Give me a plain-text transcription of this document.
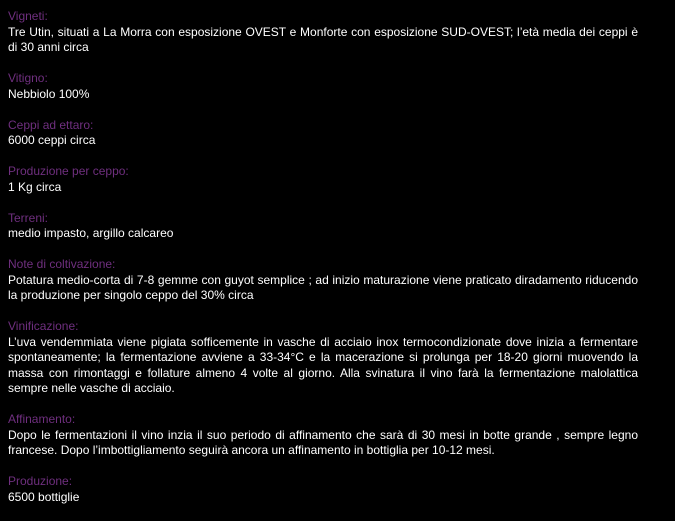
Vigneti:
Tre Utin, situati a La Morra con esposizione OVEST e Monforte con esposizione SUD-OVEST; l’età media dei ceppi è di 30 anni circa
Vitigno:
Nebbiolo 100%
Ceppi ad ettaro:
6000 ceppi circa
Produzione per ceppo:
1 Kg circa
Terreni:
medio impasto, argillo calcareo
Note di coltivazione:
Potatura medio-corta di 7-8 gemme con guyot semplice ; ad inizio maturazione viene praticato diradamento riducendo la produzione per singolo ceppo del 30% circa
Vinificazione:
L’uva vendemmiata viene pigiata sofficemente in vasche di acciaio inox termocondizionate dove inizia a fermentare spontaneamente; la fermentazione avviene a 33-34°C e la macerazione si prolunga per 18-20 giorni muovendo la massa con rimontaggi e follature almeno 4 volte al giorno. Alla svinatura il vino farà la fermentazione malolattica sempre nelle vasche di acciaio.
Affinamento:
Dopo le fermentazioni il vino inzia il suo periodo di affinamento che sarà di 30 mesi in botte grande , sempre legno francese. Dopo l’imbottigliamento seguirà ancora un affinamento in bottiglia per 10-12 mesi.
Produzione:
6500 bottiglie
